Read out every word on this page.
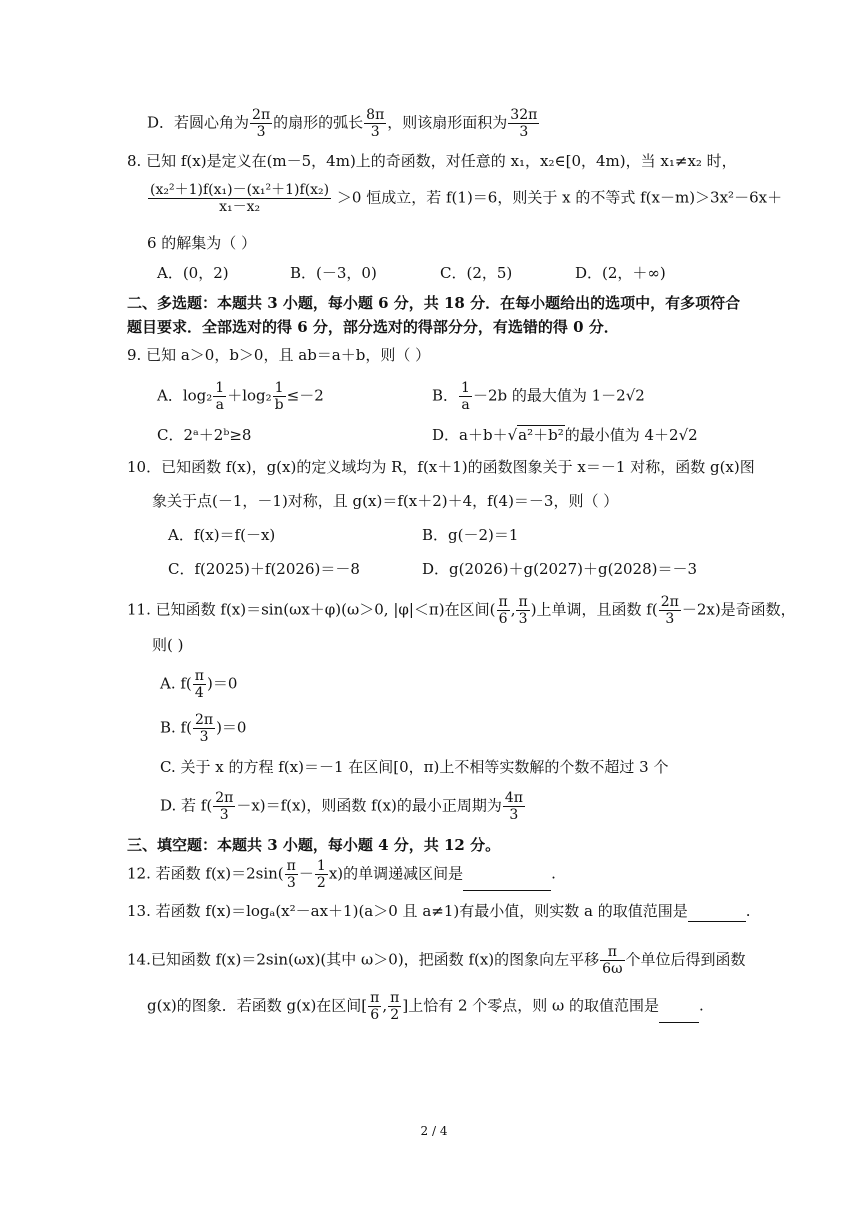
D．若圆心角为 $\frac{2\pi}{3}$ 的扇形的弧长 $\frac{8\pi}{3}$ ，则该扇形面积为 $\frac{32\pi}{3}$
8. 已知 f(x)是定义在(m－5，4m)上的奇函数，对任意的 x₁，x₂∈[0，4m)，当 x₁≠x₂ 时，
$\frac{\text{(x₂²＋1)f(x₁)－(x₁²＋1)f(x₂)}}{\text{x₁－x₂}} >0$ 恒成立，若 f(1)＝6，则关于 x 的不等式 f(x－m)＞3x²－6x＋
6 的解集为（ ）
A．(0，2)	B．(－3，0)	C．(2，5)	D．(2，＋∞)
二、多选题：本题共 3 小题，每小题 6 分，共 18 分．在每小题给出的选项中，有多项符合
题目要求．全部选对的得 6 分，部分选对的得部分分，有选错的得 0 分．
9. 已知 a＞0，b＞0，且 ab＝a＋b，则（ ）
A．$\log_2 \frac{1}{a} +\log_2 \frac{1}{b} \le-2$	B． $\frac{1}{a} -2b$ 的最大值为 1－2√2
C．2ᵃ＋2ᵇ≥8	D．a＋b＋√a²＋b²的最小值为 4＋2√2
10．已知函数 f(x)，g(x)的定义域均为 R，f(x＋1)的函数图象关于 x＝－1 对称，函数 g(x)图
象关于点(－1，－1)对称，且 g(x)＝f(x＋2)＋4，f(4)＝－3，则（ ）
A．f(x)＝f(－x)	B．g(－2)＝1
C．f(2025)＋f(2026)＝－8	D．g(2026)＋g(2027)＋g(2028)＝－3
11. 已知函数 f(x)＝sin(ωx＋φ)(ω＞0, |φ|＜π)在区间( $\frac{\pi}{6}$ , $\frac{\pi}{3}$ )上单调，且函数 $f( \frac{2\pi}{3} -2x)$是奇函数，
则( )
A. $f( \frac{\pi}{4} )=0$
B. $f( \frac{2\pi}{3} )=0$
C. 关于 x 的方程 f(x)＝－1 在区间[0，π)上不相等实数解的个数不超过 3 个
D. 若 $f( \frac{2\pi}{3} -x)=f(x)$，则函数 f(x)的最小正周期为 $\frac{4\pi}{3}$
三、填空题：本题共 3 小题，每小题 4 分，共 12 分。
12. 若函数 $f(x)=2\sin( \frac{\pi}{3} - \frac{1}{2} x)$的单调递减区间是	.
13. 若函数 f(x)＝logₐ(x²－ax＋1)(a＞0 且 a≠1)有最小值，则实数 a 的取值范围是	.
14.已知函数 f(x)＝2sin(ωx)(其中 ω＞0)，把函数 f(x)的图象向左平移 $\frac{\pi}{6\omega}$ 个单位后得到函数
g(x)的图象．若函数 g(x)在区间[ $\frac{\pi}{6}$ , $\frac{\pi}{2}$ ]上恰有 2 个零点，则 ω 的取值范围是	.
2 / 4
